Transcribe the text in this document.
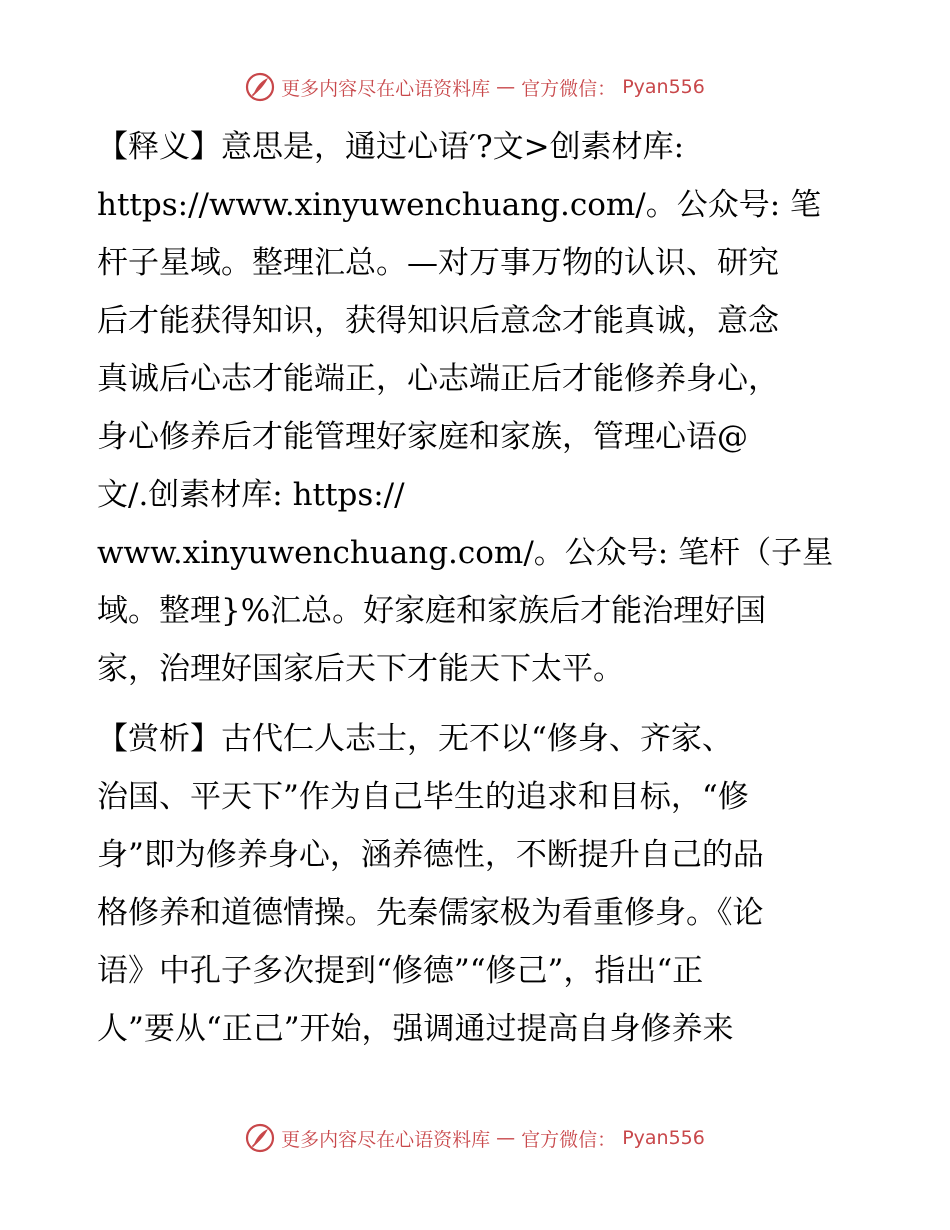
更多内容尽在心语资料库 — 官方微信： Pyan556
【释义】意思是，通过心语′?文>创素材库:
https://www.xinyuwenchuang.com/。公众号: 笔
杆子星域。整理汇总。—对万事万物的认识、研究
后才能获得知识，获得知识后意念才能真诚，意念
真诚后心志才能端正，心志端正后才能修养身心，
身心修养后才能管理好家庭和家族，管理心语@
文/.创素材库: https://
www.xinyuwenchuang.com/。公众号: 笔杆（子星
域。整理}%汇总。好家庭和家族后才能治理好国
家，治理好国家后天下才能天下太平。
【赏析】古代仁人志士，无不以“修身、齐家、
治国、平天下”作为自己毕生的追求和目标，“修
身”即为修养身心，涵养德性，不断提升自己的品
格修养和道德情操。先秦儒家极为看重修身。《论
语》中孔子多次提到“修德”“修己”，指出“正
人”要从“正己”开始，强调通过提高自身修养来
更多内容尽在心语资料库 — 官方微信： Pyan556
